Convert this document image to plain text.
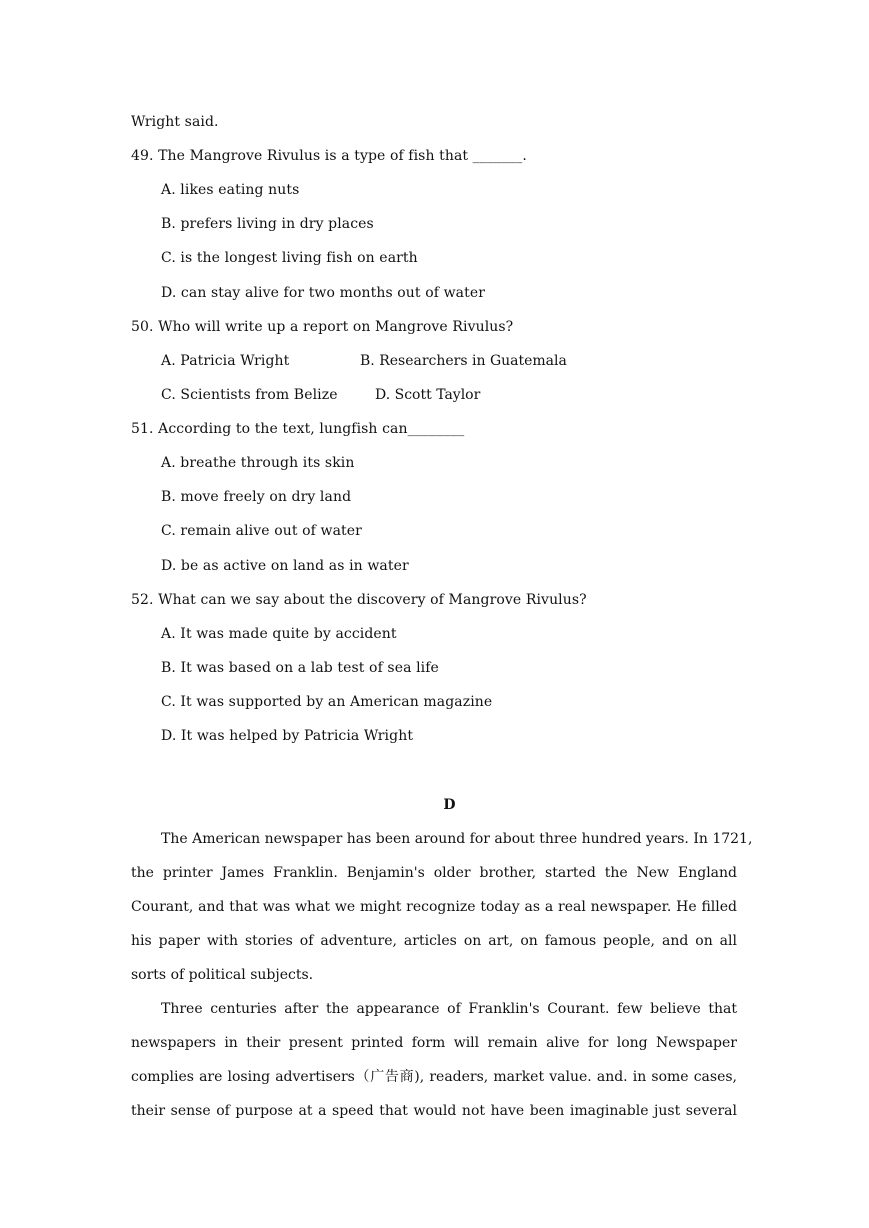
Wright said.
49. The Mangrove Rivulus is a type of fish that _______.
A. likes eating nuts
B. prefers living in dry places
C. is the longest living fish on earth
D. can stay alive for two months out of water
50. Who will write up a report on Mangrove Rivulus?
A. Patricia Wright	B. Researchers in Guatemala
C. Scientists from Belize	D. Scott Taylor
51. According to the text, lungfish can________
A. breathe through its skin
B. move freely on dry land
C. remain alive out of water
D. be as active on land as in water
52. What can we say about the discovery of Mangrove Rivulus?
A. It was made quite by accident
B. It was based on a lab test of sea life
C. It was supported by an American magazine
D. It was helped by Patricia Wright
D
The American newspaper has been around for about three hundred years. In 1721,
the printer James Franklin. Benjamin's older brother, started the New England
Courant, and that was what we might recognize today as a real newspaper. He filled
his paper with stories of adventure, articles on art, on famous people, and on all
sorts of political subjects.
Three centuries after the appearance of Franklin's Courant. few believe that
newspapers in their present printed form will remain alive for long Newspaper
complies are losing advertisers（广告商), readers, market value. and. in some cases,
their sense of purpose at a speed that would not have been imaginable just several
